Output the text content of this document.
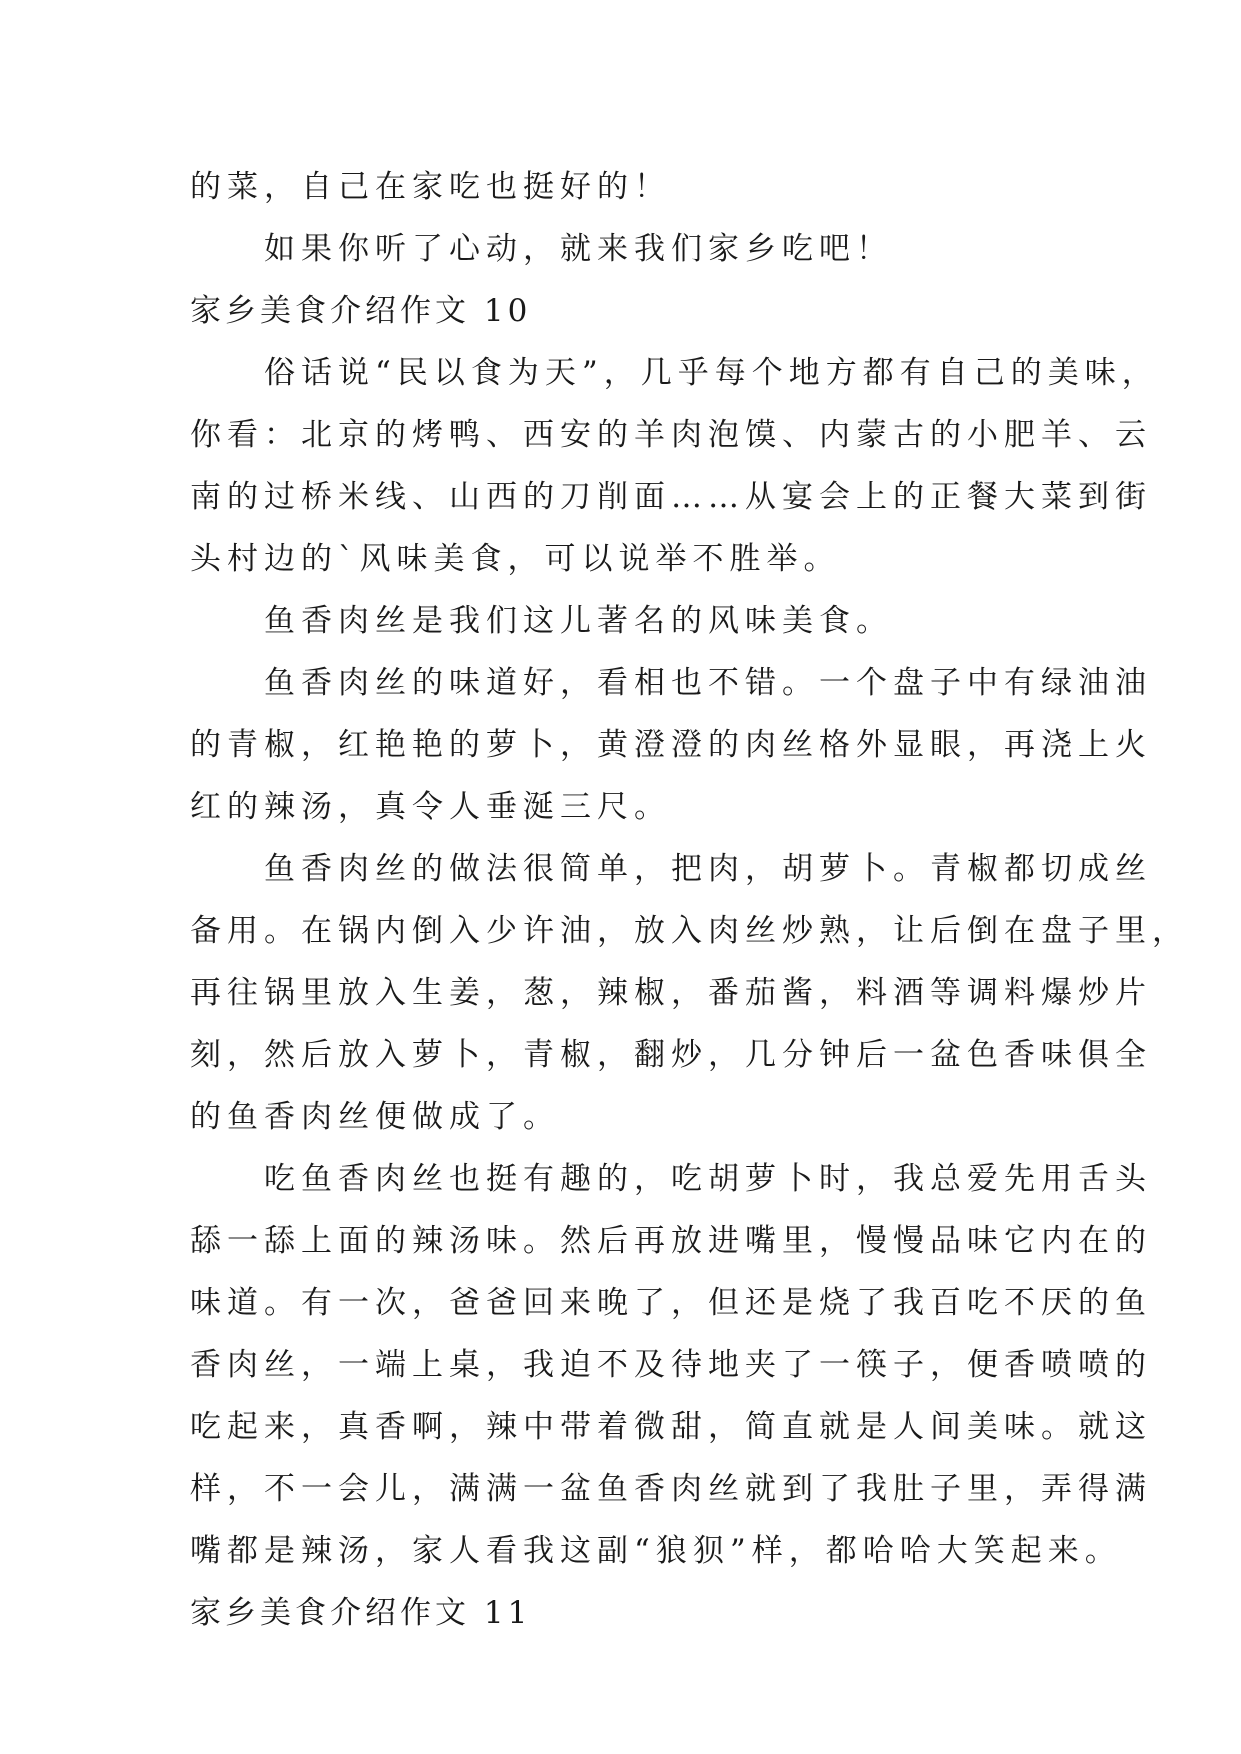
的菜，自己在家吃也挺好的！
如果你听了心动，就来我们家乡吃吧！
家乡美食介绍作文 10
俗话说“民以食为天”，几乎每个地方都有自己的美味，
你看：北京的烤鸭、西安的羊肉泡馍、内蒙古的小肥羊、云
南的过桥米线、山西的刀削面……从宴会上的正餐大菜到街
头村边的`风味美食，可以说举不胜举。
鱼香肉丝是我们这儿著名的风味美食。
鱼香肉丝的味道好，看相也不错。一个盘子中有绿油油
的青椒，红艳艳的萝卜，黄澄澄的肉丝格外显眼，再浇上火
红的辣汤，真令人垂涎三尺。
鱼香肉丝的做法很简单，把肉，胡萝卜。青椒都切成丝
备用。在锅内倒入少许油，放入肉丝炒熟，让后倒在盘子里，
再往锅里放入生姜，葱，辣椒，番茄酱，料酒等调料爆炒片
刻，然后放入萝卜，青椒，翻炒，几分钟后一盆色香味俱全
的鱼香肉丝便做成了。
吃鱼香肉丝也挺有趣的，吃胡萝卜时，我总爱先用舌头
舔一舔上面的辣汤味。然后再放进嘴里，慢慢品味它内在的
味道。有一次，爸爸回来晚了，但还是烧了我百吃不厌的鱼
香肉丝，一端上桌，我迫不及待地夹了一筷子，便香喷喷的
吃起来，真香啊，辣中带着微甜，简直就是人间美味。就这
样，不一会儿，满满一盆鱼香肉丝就到了我肚子里，弄得满
嘴都是辣汤，家人看我这副“狼狈”样，都哈哈大笑起来。
家乡美食介绍作文 11
